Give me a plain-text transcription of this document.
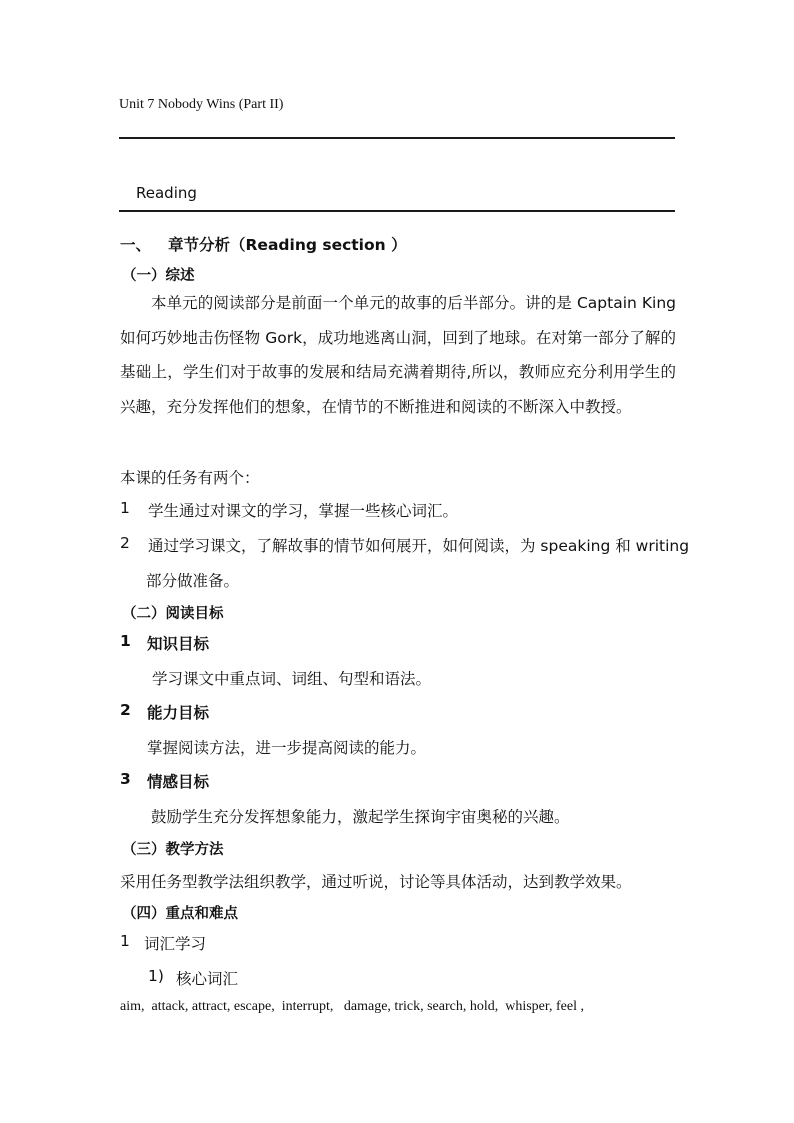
Unit 7 Nobody Wins (Part II)
Reading
一、 章节分析（Reading section ）
（一）综述
本单元的阅读部分是前面一个单元的故事的后半部分。讲的是 Captain King 如何巧妙地击伤怪物 Gork，成功地逃离山洞，回到了地球。在对第一部分了解的基础上，学生们对于故事的发展和结局充满着期待,所以，教师应充分利用学生的兴趣，充分发挥他们的想象，在情节的不断推进和阅读的不断深入中教授。
本课的任务有两个：
1 学生通过对课文的学习，掌握一些核心词汇。
2 通过学习课文，了解故事的情节如何展开，如何阅读，为 speaking 和 writing
部分做准备。
（二）阅读目标
1 知识目标
学习课文中重点词、词组、句型和语法。
2 能力目标
掌握阅读方法，进一步提高阅读的能力。
3 情感目标
鼓励学生充分发挥想象能力，激起学生探询宇宙奥秘的兴趣。
（三）教学方法
采用任务型教学法组织教学，通过听说，讨论等具体活动，达到教学效果。
（四）重点和难点
1 词汇学习
1) 核心词汇
aim,  attack, attract, escape,  interrupt,   damage, trick, search, hold,  whisper, feel ,
